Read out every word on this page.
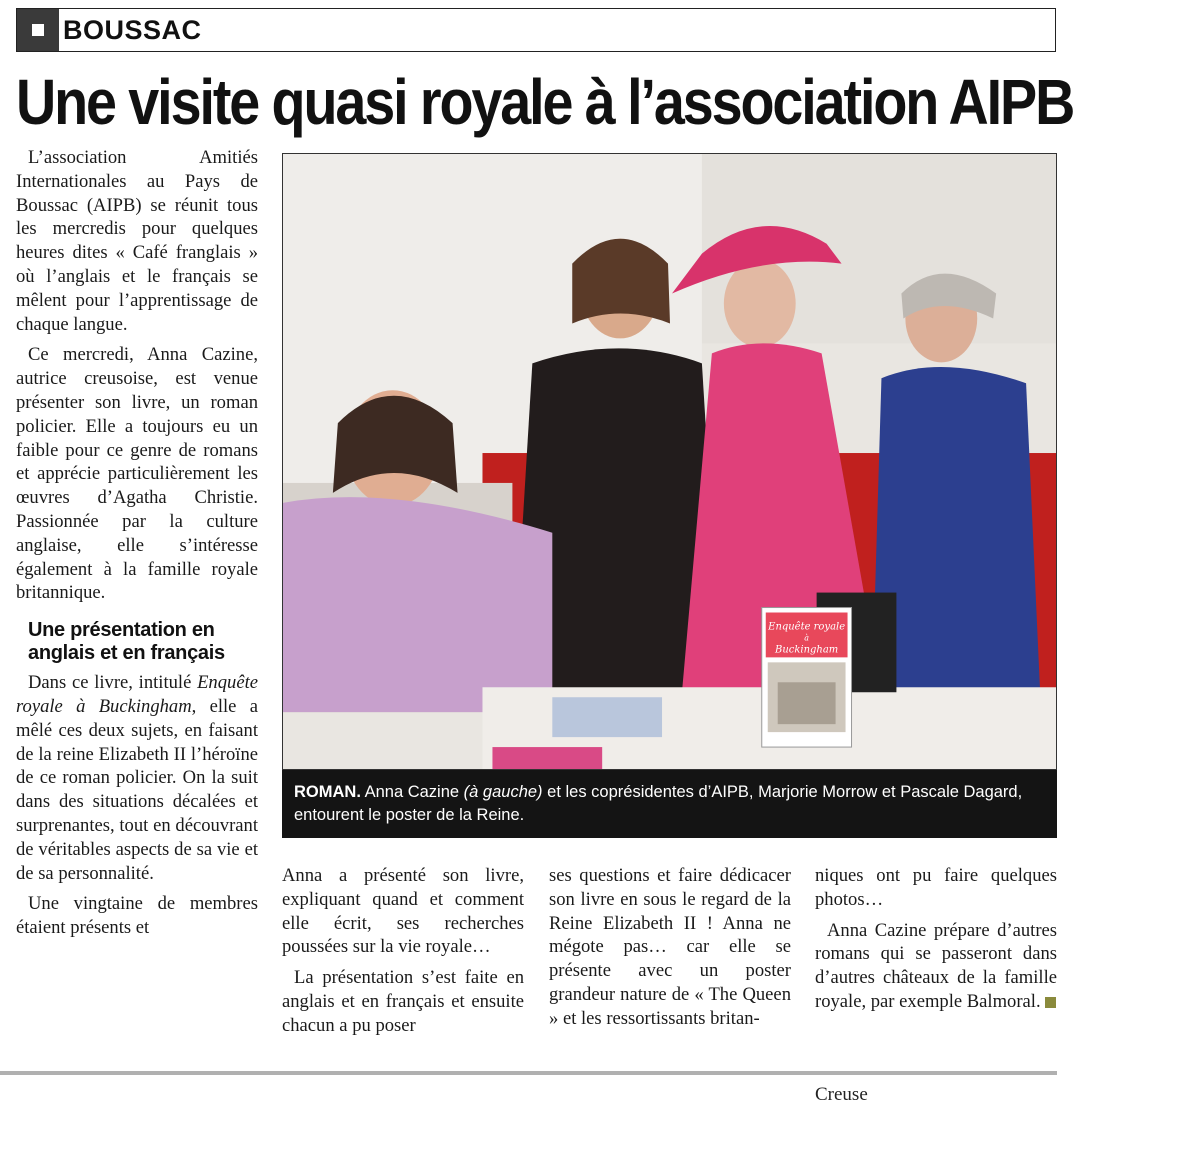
BOUSSAC
Une visite quasi royale à l’association AIPB

L’association Amitiés Internationales au Pays de Boussac (AIPB) se réunit tous les mercredis pour quelques heures dites « Café franglais » où l’anglais et le français se mêlent pour l’apprentissage de chaque langue.

Ce mercredi, Anna Cazine, autrice creusoise, est venue présenter son livre, un roman policier. Elle a toujours eu un faible pour ce genre de romans et apprécie particulièrement les œuvres d’Agatha Christie. Passionnée par la culture anglaise, elle s’intéresse également à la famille royale britannique.

Une présentation en anglais et en français

Dans ce livre, intitulé Enquête royale à Buckingham, elle a mêlé ces deux sujets, en faisant de la reine Elizabeth II l’héroïne de ce roman policier. On la suit dans des situations décalées et surprenantes, tout en découvrant de véritables aspects de sa vie et de sa personnalité.

Une vingtaine de membres étaient présents et

Enquête royale
à
Buckingham
ROMAN. Anna Cazine (à gauche) et les coprésidentes d’AIPB, Marjorie Morrow et Pascale Dagard, entourent le poster de la Reine.

Anna a présenté son livre, expliquant quand et comment elle écrit, ses recherches poussées sur la vie royale…

La présentation s’est faite en anglais et en français et ensuite chacun a pu poser

ses questions et faire dédicacer son livre en sous le regard de la Reine Elizabeth II ! Anna ne mégote pas… car elle se présente avec un poster grandeur nature de « The Queen » et les ressortissants britan-

niques ont pu faire quelques photos…

Anna Cazine prépare d’autres romans qui se passeront dans d’autres châteaux de la famille royale, par exemple Balmoral.

Creuse
